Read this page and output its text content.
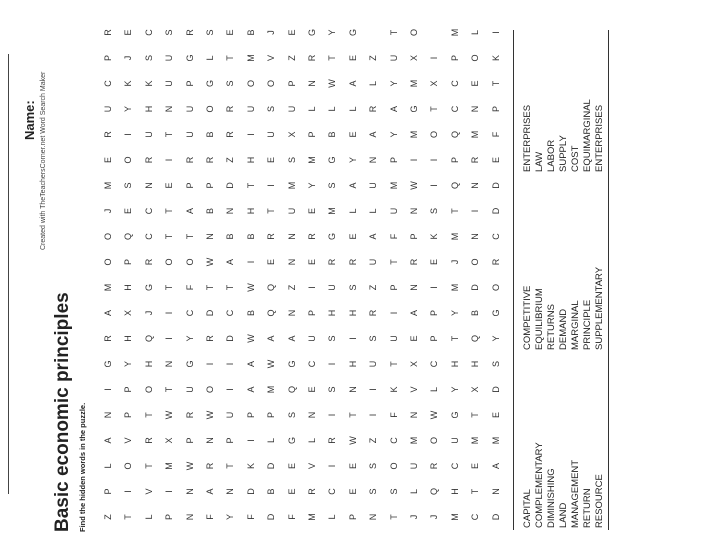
Name: Created with TheTeachersCorner.net Word Search Maker
Basic economic principles Find the hidden words in the puzzle.	Z
P
L
A
N
I
G
R
A
M
O
O
J
M
E
R
U
C
P
R
T
I
O
V
P
P
Y
H
X
H
P
Q
E
S
O
I
Y
K
J
E
L
V
T
R
T
O
H
Q
J
G
R
C
C
N
R
U
H
K
S
C
P
I
M
X
W
T
N
I
I
T
O
T
T
E
I
T
N
U
U
S
N
N
W
P
R
U
G
Y
C
F
O
T
A
P
R
U
U
P
G
R
F
A
R
N
W
O
I
R
D
T
W
N
B
P
R
B
O
G
L
S
Y
N
T
P
U
I
I
D
C
T
A
B
N
D
Z
R
R
S
T
E
F
D
K
I
P
A
A
W
B
W
I
B
H
T
H
I
U
O
M
B
D
B
D
L
P
M
W
A
Q
Q
E
R
T
I
E
U
S
O
V
J
F
E
E
G
S
Q
G
A
N
Z
N
N
U
M
S
X
U
P
Z
E
M
R
V
L
N
E
C
U
P
I
E
R
E
Y
M
P
L
N
R
G
L
C
I
R
I
S
I
S
H
U
R
G
M
S
G
B
L
W
T
Y
P
E
E
W
T
N
H
I
H
S
R
E
L
A
Y
E
L
A
E
G
N
S
S
Z
I
I
U
S
R
Z
U
A
L
U
N
A
R
L
Z
T
S
O
C
F
K
T
U
I
P
T
F
U
M
P
Y
A
Y
U
T
J
L
U
M
N
V
X
E
A
N
R
P
N
W
I
M
G
M
X
O
J
Q
R
O
W
L
C
P
P
I
E
K
S
I
I
O
T
X
I
M
H
C
U
G
Y
H
T
Y
M
J
M
T
Q
P
Q
C
C
P
M
C
T
E
M
T
X
H
Q
B
D
O
N
I
N
R
M
N
E
O
L
D
N
A
M
E
D
S
Y
G
O
R
C
D
D
E
F
P
T
K
I
CAPITAL COMPLEMENTARY DIMINISHING LAND MANAGEMENT RETURN RESOURCE
COMPETITIVE EQUILIBRIUM RETURNS DEMAND MARGINAL PRINCIPLE SUPPLEMENTARY
ENTERPRISES LAW LABOR SUPPLY COST EQUIMARGINAL ENTERPRISES
